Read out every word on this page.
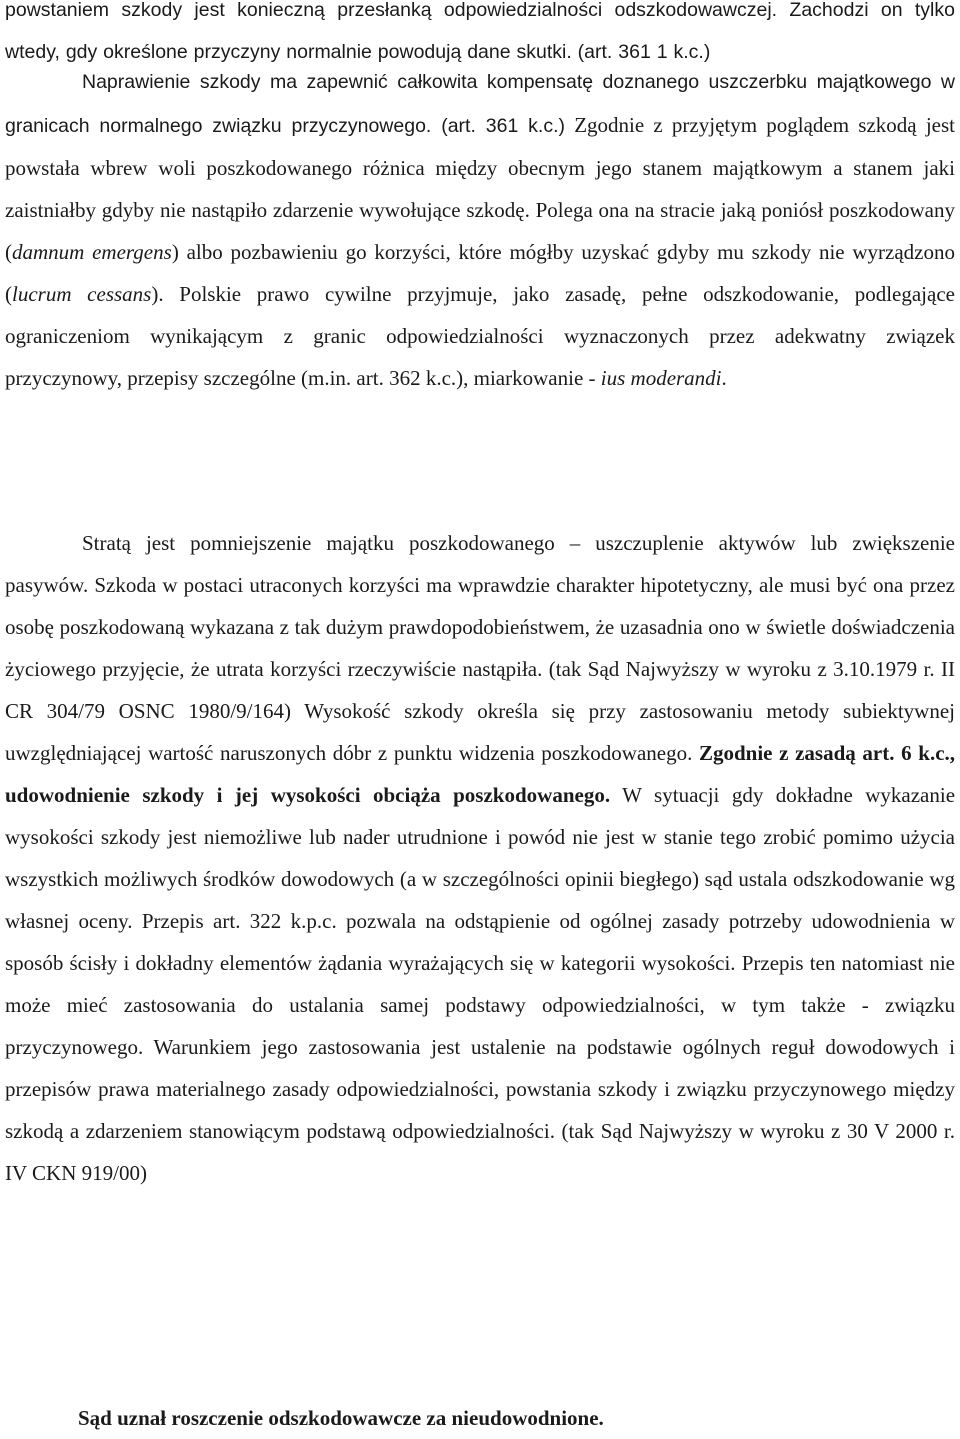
powstaniem szkody jest konieczną przesłanką odpowiedzialności odszkodowawczej. Zachodzi on tylko wtedy, gdy określone przyczyny normalnie powodują dane skutki. (art. 361 1 k.c.)

Naprawienie szkody ma zapewnić całkowita kompensatę doznanego uszczerbku majątkowego w granicach normalnego związku przyczynowego. (art. 361 k.c.) Zgodnie z przyjętym poglądem szkodą jest powstała wbrew woli poszkodowanego różnica między obecnym jego stanem majątkowym a stanem jaki zaistniałby gdyby nie nastąpiło zdarzenie wywołujące szkodę. Polega ona na stracie jaką poniósł poszkodowany (damnum emergens) albo pozbawieniu go korzyści, które mógłby uzyskać gdyby mu szkody nie wyrządzono (lucrum cessans). Polskie prawo cywilne przyjmuje, jako zasadę, pełne odszkodowanie, podlegające ograniczeniom wynikającym z granic odpowiedzialności wyznaczonych przez adekwatny związek przyczynowy, przepisy szczególne (m.in. art. 362 k.c.), miarkowanie - ius moderandi.

Stratą jest pomniejszenie majątku poszkodowanego – uszczuplenie aktywów lub zwiększenie pasywów. Szkoda w postaci utraconych korzyści ma wprawdzie charakter hipotetyczny, ale musi być ona przez osobę poszkodowaną wykazana z tak dużym prawdopodobieństwem, że uzasadnia ono w świetle doświadczenia życiowego przyjęcie, że utrata korzyści rzeczywiście nastąpiła. (tak Sąd Najwyższy w wyroku z 3.10.1979 r. II CR 304/79 OSNC 1980/9/164) Wysokość szkody określa się przy zastosowaniu metody subiektywnej uwzględniającej wartość naruszonych dóbr z punktu widzenia poszkodowanego. Zgodnie z zasadą art. 6 k.c., udowodnienie szkody i jej wysokości obciąża poszkodowanego. W sytuacji gdy dokładne wykazanie wysokości szkody jest niemożliwe lub nader utrudnione i powód nie jest w stanie tego zrobić pomimo użycia wszystkich możliwych środków dowodowych (a w szczególności opinii biegłego) sąd ustala odszkodowanie wg własnej oceny. Przepis art. 322 k.p.c. pozwala na odstąpienie od ogólnej zasady potrzeby udowodnienia w sposób ścisły i dokładny elementów żądania wyrażających się w kategorii wysokości. Przepis ten natomiast nie może mieć zastosowania do ustalania samej podstawy odpowiedzialności, w tym także - związku przyczynowego. Warunkiem jego zastosowania jest ustalenie na podstawie ogólnych reguł dowodowych i przepisów prawa materialnego zasady odpowiedzialności, powstania szkody i związku przyczynowego między szkodą a zdarzeniem stanowiącym podstawą odpowiedzialności. (tak Sąd Najwyższy w wyroku z 30 V 2000 r. IV CKN 919/00)

Sąd uznał roszczenie odszkodowawcze za nieudowodnione.
